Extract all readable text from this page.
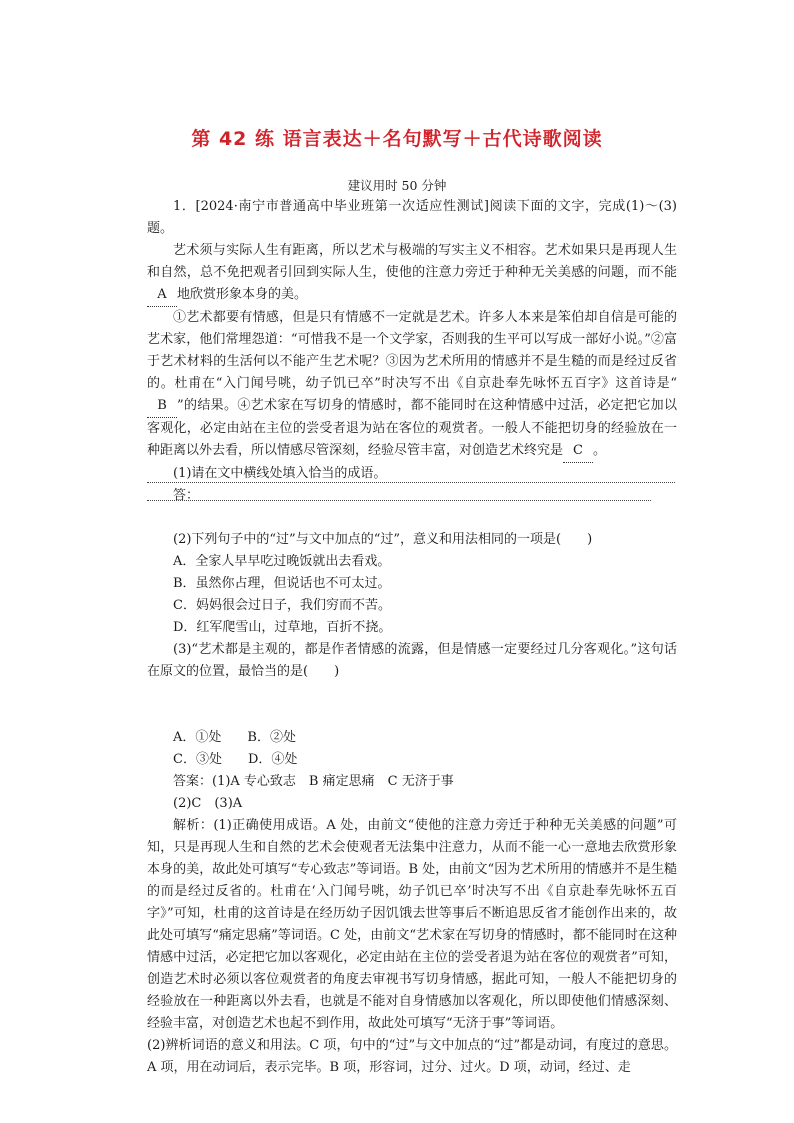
第 42 练 语言表达＋名句默写＋古代诗歌阅读
建议用时 50 分钟

1．[2024·南宁市普通高中毕业班第一次适应性测试]阅读下面的文字，完成(1)～(3)题。

艺术须与实际人生有距离，所以艺术与极端的写实主义不相容。艺术如果只是再现人生和自然，总不免把观者引回到实际人生，使他的注意力旁迁于种种无关美感的问题，而不能A 地欣赏形象本身的美。

①艺术都要有情感，但是只有情感不一定就是艺术。许多人本来是笨伯却自信是可能的艺术家，他们常埋怨道：“可惜我不是一个文学家，否则我的生平可以写成一部好小说。”②富于艺术材料的生活何以不能产生艺术呢？③因为艺术所用的情感并不是生糙的而是经过反省的。杜甫在“入门闻号咷，幼子饥已卒”时决写不出《自京赴奉先咏怀五百字》这首诗是“B ”的结果。④艺术家在写切身的情感时，都不能同时在这种情感中过活，必定把它加以客观化，必定由站在主位的尝受者退为站在客位的观赏者。一般人不能把切身的经验放在一种距离以外去看，所以情感尽管深刻，经验尽管丰富，对创造艺术终究是 C 。

(1)请在文中横线处填入恰当的成语。

答：

(2)下列句子中的“过”与文中加点的“过”，意义和用法相同的一项是(　　)

A．全家人早早吃过晚饭就出去看戏。

B．虽然你占理，但说话也不可太过。

C．妈妈很会过日子，我们穷而不苦。

D．红军爬雪山，过草地，百折不挠。

(3)“艺术都是主观的，都是作者情感的流露，但是情感一定要经过几分客观化。”这句话在原文的位置，最恰当的是(　　)

A．①处　　B．②处

C．③处　　D．④处

答案：(1)A 专心致志　B 痛定思痛　C 无济于事

(2)C　(3)A

解析：(1)正确使用成语。A 处，由前文“使他的注意力旁迁于种种无关美感的问题”可知，只是再现人生和自然的艺术会使观者无法集中注意力，从而不能一心一意地去欣赏形象本身的美，故此处可填写“专心致志”等词语。B 处，由前文“因为艺术所用的情感并不是生糙的而是经过反省的。杜甫在‘入门闻号咷，幼子饥已卒’时决写不出《自京赴奉先咏怀五百字》”可知，杜甫的这首诗是在经历幼子因饥饿去世等事后不断追思反省才能创作出来的，故此处可填写“痛定思痛”等词语。C 处，由前文“艺术家在写切身的情感时，都不能同时在这种情感中过活，必定把它加以客观化，必定由站在主位的尝受者退为站在客位的观赏者”可知，创造艺术时必须以客位观赏者的角度去审视书写切身情感，据此可知，一般人不能把切身的经验放在一种距离以外去看，也就是不能对自身情感加以客观化，所以即使他们情感深刻、经验丰富，对创造艺术也起不到作用，故此处可填写“无济于事”等词语。

(2)辨析词语的意义和用法。C 项，句中的“过”与文中加点的“过”都是动词，有度过的意思。A 项，用在动词后，表示完毕。B 项，形容词，过分、过火。D 项，动词，经过、走
